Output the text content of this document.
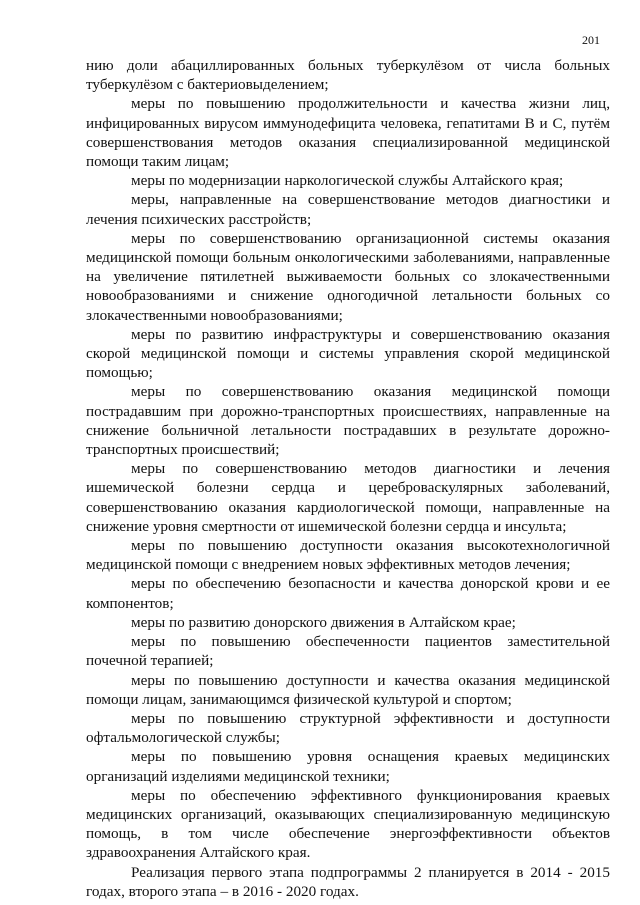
201

нию доли абациллированных больных туберкулёзом от числа больных туберкулёзом с бактериовыделением;

меры по повышению продолжительности и качества жизни лиц, инфицированных вирусом иммунодефицита человека, гепатитами В и С, путём совершенствования методов оказания специализированной медицинской помощи таким лицам;

меры по модернизации наркологической службы Алтайского края;

меры, направленные на совершенствование методов диагностики и лечения психических расстройств;

меры по совершенствованию организационной системы оказания медицинской помощи больным онкологическими заболеваниями, направленные на увеличение пятилетней выживаемости больных со злокачественными новообразованиями и снижение одногодичной летальности больных со злокачественными новообразованиями;

меры по развитию инфраструктуры и совершенствованию оказания скорой медицинской помощи и системы управления скорой медицинской помощью;

меры по совершенствованию оказания медицинской помощи пострадавшим при дорожно-транспортных происшествиях, направленные на снижение больничной летальности пострадавших в результате дорожно-транспортных происшествий;

меры по совершенствованию методов диагностики и лечения ишемической болезни сердца и цереброваскулярных заболеваний, совершенствованию оказания кардиологической помощи, направленные на снижение уровня смертности от ишемической болезни сердца и инсульта;

меры по повышению доступности оказания высокотехнологичной медицинской помощи с внедрением новых эффективных методов лечения;

меры по обеспечению безопасности и качества донорской крови и ее компонентов;

меры по развитию донорского движения в Алтайском крае;

меры по повышению обеспеченности пациентов заместительной почечной терапией;

меры по повышению доступности и качества оказания медицинской помощи лицам, занимающимся физической культурой и спортом;

меры по повышению структурной эффективности и доступности офтальмологической службы;

меры по повышению уровня оснащения краевых медицинских организаций изделиями медицинской техники;

меры по обеспечению эффективного функционирования краевых медицинских организаций, оказывающих специализированную медицинскую помощь, в том числе обеспечение энергоэффективности объектов здравоохранения Алтайского края.

Реализация первого этапа подпрограммы 2 планируется в 2014 - 2015 годах, второго этапа – в 2016 - 2020 годах.
